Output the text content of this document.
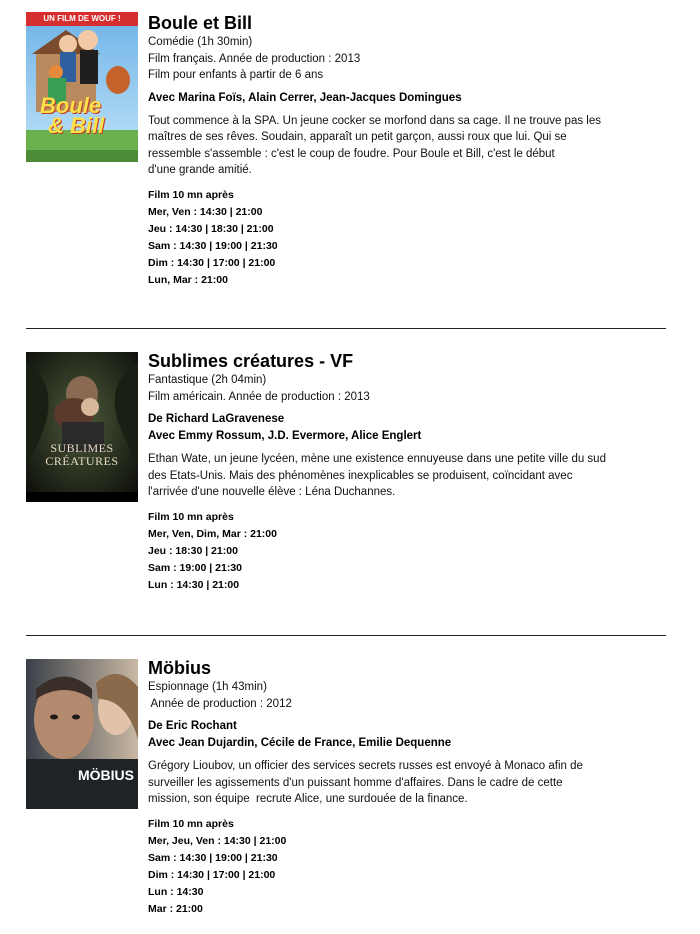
UN FILM DE WOUF !
Boule
& Bill
Boule et Bill

Comédie (1h 30min)

Film français. Année de production : 2013

Film pour enfants à partir de 6 ans

Avec Marina Foïs, Alain Cerrer, Jean-Jacques Domingues
Tout commence à la SPA. Un jeune cocker se morfond dans sa cage. Il ne trouve pas les
maîtres de ses rêves. Soudain, apparaît un petit garçon, aussi roux que lui. Qui se
ressemble s'assemble : c'est le coup de foudre. Pour Boule et Bill, c'est le début
d'une grande amitié.
Film 10 mn après
Mer, Ven : 14:30 | 21:00
Jeu : 14:30 | 18:30 | 21:00
Sam : 14:30 | 19:00 | 21:30
Dim : 14:30 | 17:00 | 21:00
Lun, Mar : 21:00
SUBLIMES
CRÉATURES
Sublimes créatures - VF

Fantastique (2h 04min)

Film américain. Année de production : 2013

De Richard LaGravenese
Avec Emmy Rossum, J.D. Evermore, Alice Englert
Ethan Wate, un jeune lycéen, mène une existence ennuyeuse dans une petite ville du sud
des Etats-Unis. Mais des phénomènes inexplicables se produisent, coïncidant avec
l'arrivée d'une nouvelle élève : Léna Duchannes.
Film 10 mn après
Mer, Ven, Dim, Mar : 21:00
Jeu : 18:30 | 21:00
Sam : 19:00 | 21:30
Lun : 14:30 | 21:00
MÖBIUS
Möbius

Espionnage (1h 43min)

Année de production : 2012

De Eric Rochant
Avec Jean Dujardin, Cécile de France, Emilie Dequenne
Grégory Lioubov, un officier des services secrets russes est envoyé à Monaco afin de
surveiller les agissements d'un puissant homme d'affaires. Dans le cadre de cette
mission, son équipe  recrute Alice, une surdouée de la finance.
Film 10 mn après
Mer, Jeu, Ven : 14:30 | 21:00
Sam : 14:30 | 19:00 | 21:30
Dim : 14:30 | 17:00 | 21:00
Lun : 14:30
Mar : 21:00
